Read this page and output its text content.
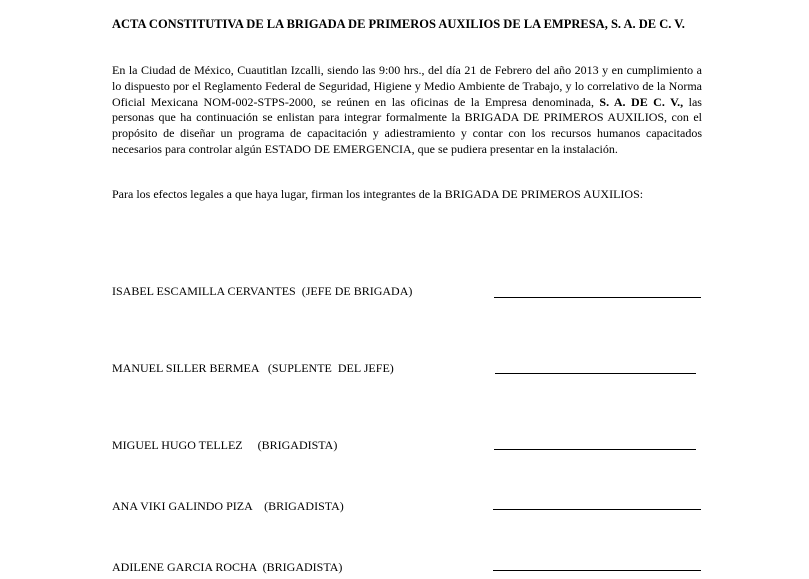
ACTA CONSTITUTIVA DE LA BRIGADA DE PRIMEROS AUXILIOS DE LA EMPRESA, S. A. DE C. V.

En la Ciudad de México, Cuautitlan Izcalli, siendo las 9:00 hrs., del día 21 de Febrero del año 2013 y en cumplimiento a lo dispuesto por el Reglamento Federal de Seguridad, Higiene y Medio Ambiente de Trabajo, y lo correlativo de la Norma Oficial Mexicana NOM-002-STPS-2000, se reúnen en las oficinas de la Empresa denominada, S. A. DE C. V., las personas que ha continuación se enlistan para integrar formalmente la BRIGADA DE PRIMEROS AUXILIOS, con el propósito de diseñar un programa de capacitación y adiestramiento y contar con los recursos humanos capacitados necesarios para controlar algún ESTADO DE EMERGENCIA, que se pudiera presentar en la instalación.

Para los efectos legales a que haya lugar, firman los integrantes de la BRIGADA DE PRIMEROS AUXILIOS:

ISABEL ESCAMILLA CERVANTES  (JEFE DE BRIGADA)
MANUEL SILLER BERMEA   (SUPLENTE  DEL JEFE)
MIGUEL HUGO TELLEZ     (BRIGADISTA)
ANA VIKI GALINDO PIZA    (BRIGADISTA)
ADILENE GARCIA ROCHA  (BRIGADISTA)
